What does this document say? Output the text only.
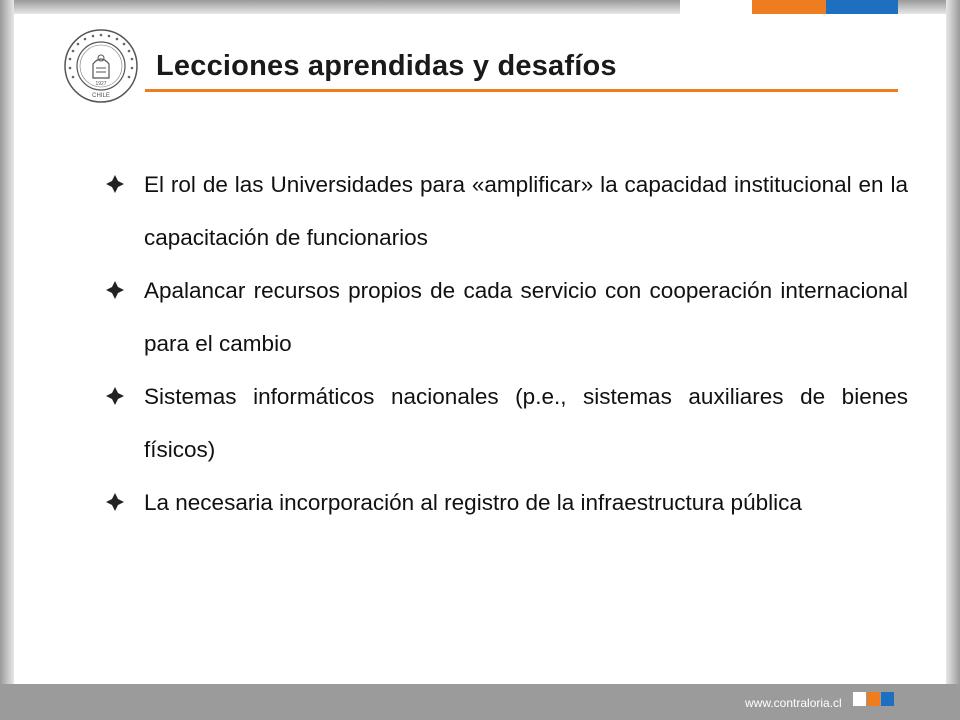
1927
CHILE
Lecciones aprendidas y desafíos
El rol de las Universidades para «amplificar» la capacidad institucional en la capacitación de funcionarios
Apalancar recursos propios de cada servicio con cooperación internacional para el cambio
Sistemas informáticos nacionales (p.e., sistemas auxiliares de bienes físicos)
La necesaria incorporación al registro de la infraestructura pública
www.contraloria.cl
